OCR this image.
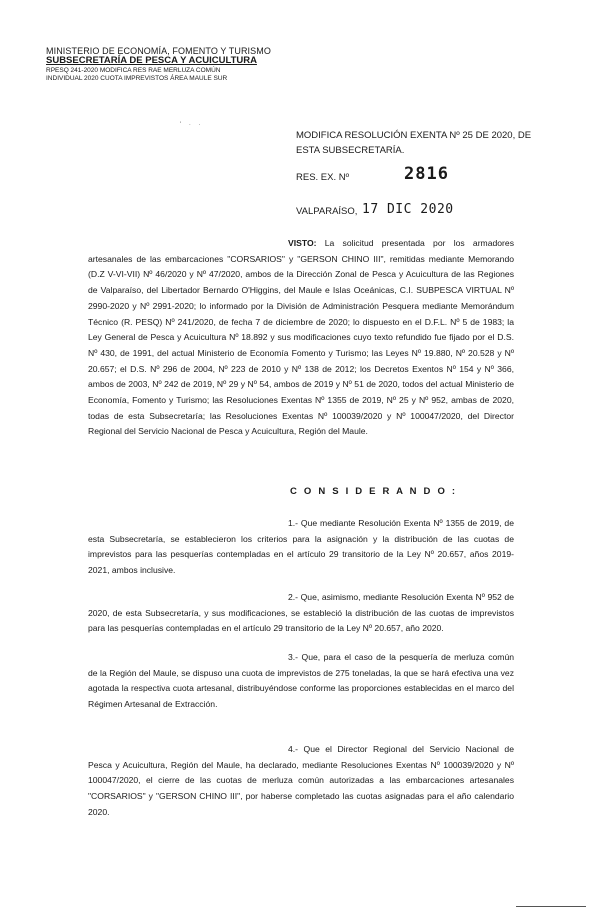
MINISTERIO DE ECONOMÍA, FOMENTO Y TURISMO
SUBSECRETARÍA DE PESCA Y ACUICULTURA
RPESQ 241-2020 MODIFICA RES RAE MERLUZA COMÚN
INDIVIDUAL 2020 CUOTA IMPREVISTOS ÁREA MAULE SUR
' · ·
MODIFICA RESOLUCIÓN EXENTA Nº 25 DE 2020, DE ESTA SUBSECRETARÍA.
RES. EX. Nº	2816
VALPARAÍSO, 17 DIC 2020
VISTO: La solicitud presentada por los armadores artesanales de las embarcaciones "CORSARIOS" y "GERSON CHINO III", remitidas mediante Memorando (D.Z V-VI-VII) Nº 46/2020 y Nº 47/2020, ambos de la Dirección Zonal de Pesca y Acuicultura de las Regiones de Valparaíso, del Libertador Bernardo O'Higgins, del Maule e Islas Oceánicas, C.I. SUBPESCA VIRTUAL Nº 2990-2020 y Nº 2991-2020; lo informado por la División de Administración Pesquera mediante Memorándum Técnico (R. PESQ) Nº 241/2020, de fecha 7 de diciembre de 2020; lo dispuesto en el D.F.L. Nº 5 de 1983; la Ley General de Pesca y Acuicultura Nº 18.892 y sus modificaciones cuyo texto refundido fue fijado por el D.S. Nº 430, de 1991, del actual Ministerio de Economía Fomento y Turismo; las Leyes Nº 19.880, Nº 20.528 y Nº 20.657; el D.S. Nº 296 de 2004, Nº 223 de 2010 y Nº 138 de 2012; los Decretos Exentos Nº 154 y Nº 366, ambos de 2003, Nº 242 de 2019, Nº 29 y Nº 54, ambos de 2019 y Nº 51 de 2020, todos del actual Ministerio de Economía, Fomento y Turismo; las Resoluciones Exentas Nº 1355 de 2019, Nº 25 y Nº 952, ambas de 2020, todas de esta Subsecretaría; las Resoluciones Exentas Nº 100039/2020 y Nº 100047/2020, del Director Regional del Servicio Nacional de Pesca y Acuicultura, Región del Maule.
C O N S I D E R A N D O :
1.- Que mediante Resolución Exenta Nº 1355 de 2019, de esta Subsecretaría, se establecieron los criterios para la asignación y la distribución de las cuotas de imprevistos para las pesquerías contempladas en el artículo 29 transitorio de la Ley Nº 20.657, años 2019-2021, ambos inclusive.
2.- Que, asimismo, mediante Resolución Exenta Nº 952 de 2020, de esta Subsecretaría, y sus modificaciones, se estableció la distribución de las cuotas de imprevistos para las pesquerías contempladas en el artículo 29 transitorio de la Ley Nº 20.657, año 2020.
3.- Que, para el caso de la pesquería de merluza común de la Región del Maule, se dispuso una cuota de imprevistos de 275 toneladas, la que se hará efectiva una vez agotada la respectiva cuota artesanal, distribuyéndose conforme las proporciones establecidas en el marco del Régimen Artesanal de Extracción.
4.- Que el Director Regional del Servicio Nacional de Pesca y Acuicultura, Región del Maule, ha declarado, mediante Resoluciones Exentas Nº 100039/2020 y Nº 100047/2020, el cierre de las cuotas de merluza común autorizadas a las embarcaciones artesanales "CORSARIOS" y "GERSON CHINO III", por haberse completado las cuotas asignadas para el año calendario 2020.
